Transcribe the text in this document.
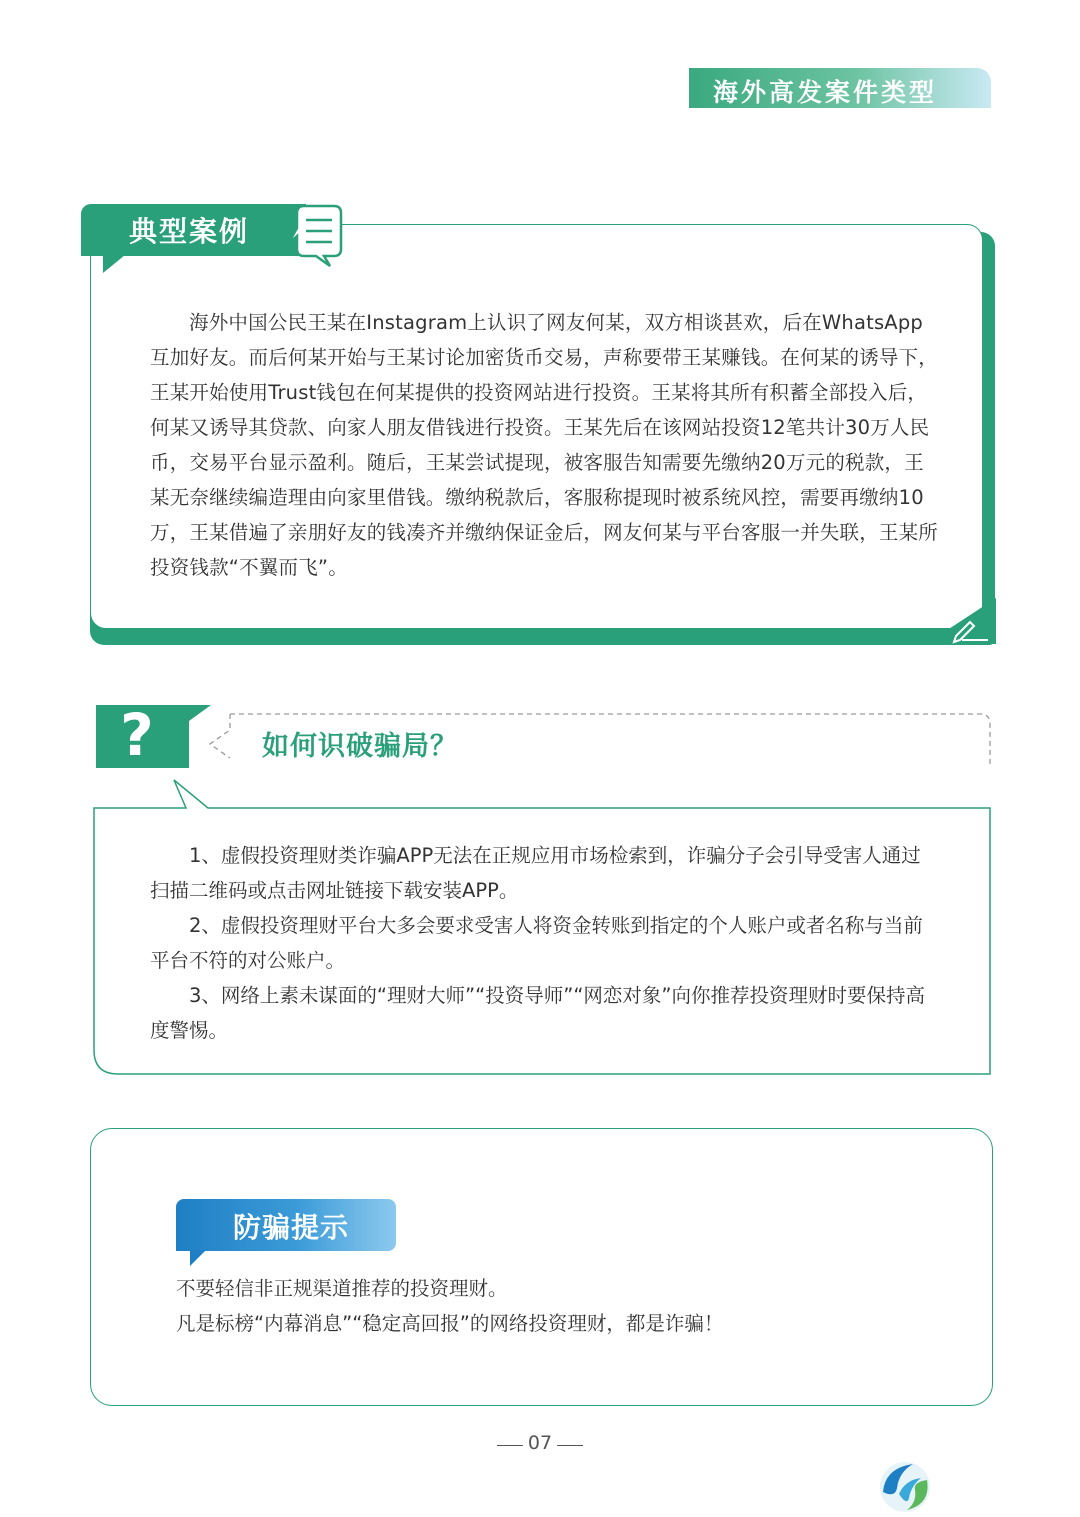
海外高发案件类型
典型案例

海外中国公民王某在Instagram上认识了网友何某，双方相谈甚欢，后在WhatsApp互加好友。而后何某开始与王某讨论加密货币交易，声称要带王某赚钱。在何某的诱导下，王某开始使用Trust钱包在何某提供的投资网站进行投资。王某将其所有积蓄全部投入后，何某又诱导其贷款、向家人朋友借钱进行投资。王某先后在该网站投资12笔共计30万人民币，交易平台显示盈利。随后，王某尝试提现，被客服告知需要先缴纳20万元的税款，王某无奈继续编造理由向家里借钱。缴纳税款后，客服称提现时被系统风控，需要再缴纳10万，王某借遍了亲朋好友的钱凑齐并缴纳保证金后，网友何某与平台客服一并失联，王某所投资钱款“不翼而飞”。

?	如何识破骗局？

1、虚假投资理财类诈骗APP无法在正规应用市场检索到，诈骗分子会引导受害人通过扫描二维码或点击网址链接下载安装APP。

2、虚假投资理财平台大多会要求受害人将资金转账到指定的个人账户或者名称与当前平台不符的对公账户。

3、网络上素未谋面的“理财大师”“投资导师”“网恋对象”向你推荐投资理财时要保持高度警惕。

防骗提示

不要轻信非正规渠道推荐的投资理财。

凡是标榜“内幕消息”“稳定高回报”的网络投资理财，都是诈骗！

07
